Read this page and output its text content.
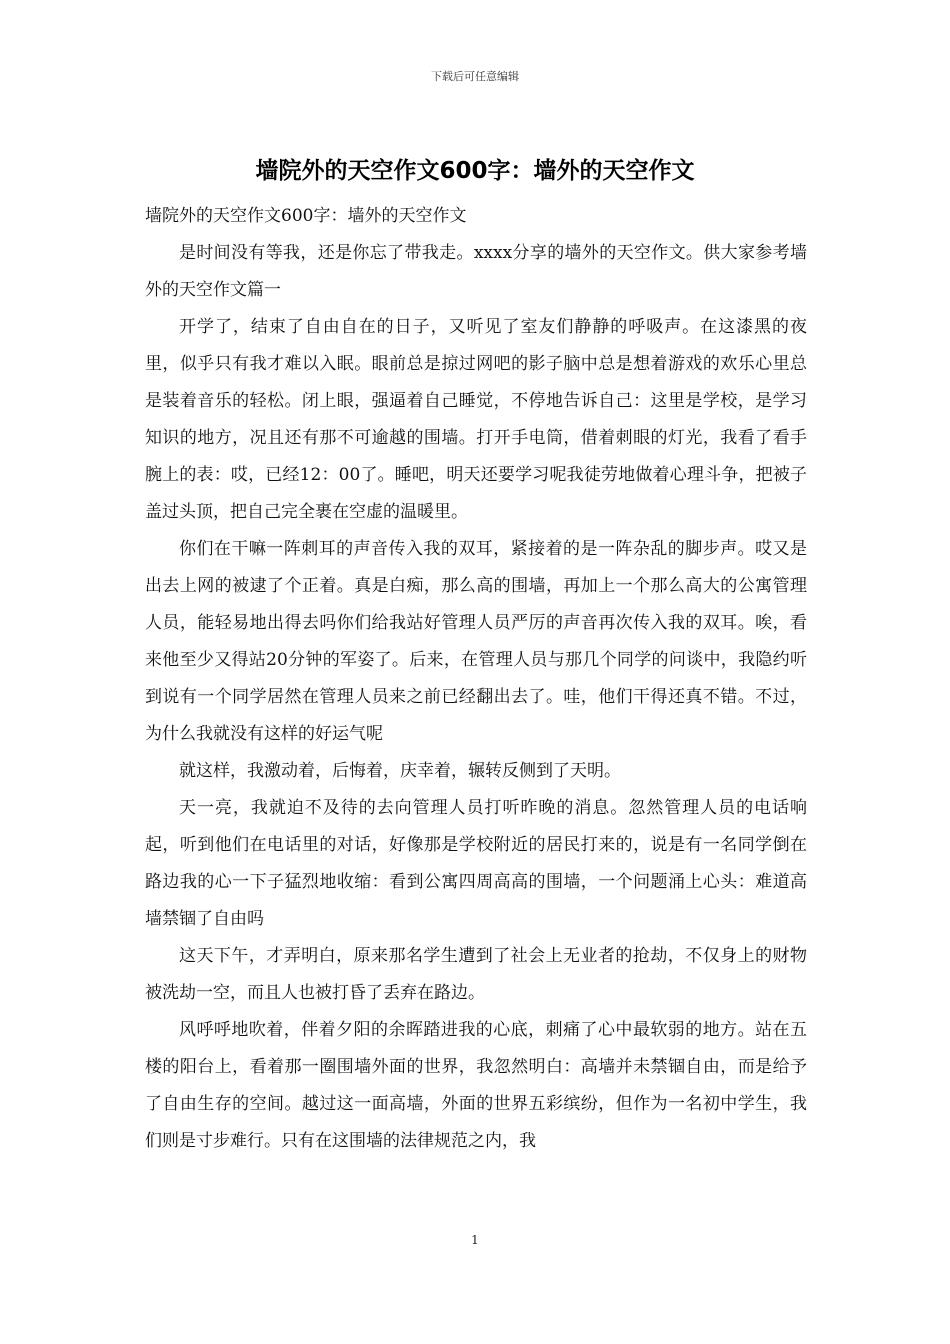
下载后可任意编辑
墙院外的天空作文600字：墙外的天空作文

墙院外的天空作文600字：墙外的天空作文

是时间没有等我，还是你忘了带我走。xxxx分享的墙外的天空作文。供大家参考墙外的天空作文篇一

开学了，结束了自由自在的日子，又听见了室友们静静的呼吸声。在这漆黑的夜里，似乎只有我才难以入眠。眼前总是掠过网吧的影子脑中总是想着游戏的欢乐心里总是装着音乐的轻松。闭上眼，强逼着自己睡觉，不停地告诉自己：这里是学校，是学习知识的地方，况且还有那不可逾越的围墙。打开手电筒，借着刺眼的灯光，我看了看手腕上的表：哎，已经12：00了。睡吧，明天还要学习呢我徒劳地做着心理斗争，把被子盖过头顶，把自己完全裹在空虚的温暖里。

你们在干嘛一阵刺耳的声音传入我的双耳，紧接着的是一阵杂乱的脚步声。哎又是出去上网的被逮了个正着。真是白痴，那么高的围墙，再加上一个那么高大的公寓管理人员，能轻易地出得去吗你们给我站好管理人员严厉的声音再次传入我的双耳。唉，看来他至少又得站20分钟的军姿了。后来，在管理人员与那几个同学的问谈中，我隐约听到说有一个同学居然在管理人员来之前已经翻出去了。哇，他们干得还真不错。不过，为什么我就没有这样的好运气呢

就这样，我激动着，后悔着，庆幸着，辗转反侧到了天明。

天一亮，我就迫不及待的去向管理人员打听昨晚的消息。忽然管理人员的电话响起，听到他们在电话里的对话，好像那是学校附近的居民打来的，说是有一名同学倒在路边我的心一下子猛烈地收缩：看到公寓四周高高的围墙，一个问题涌上心头：难道高墙禁锢了自由吗

这天下午，才弄明白，原来那名学生遭到了社会上无业者的抢劫，不仅身上的财物被洗劫一空，而且人也被打昏了丢弃在路边。

风呼呼地吹着，伴着夕阳的余晖踏进我的心底，刺痛了心中最软弱的地方。站在五楼的阳台上，看着那一圈围墙外面的世界，我忽然明白：高墙并未禁锢自由，而是给予了自由生存的空间。越过这一面高墙，外面的世界五彩缤纷，但作为一名初中学生，我们则是寸步难行。只有在这围墙的法律规范之内，我

1
